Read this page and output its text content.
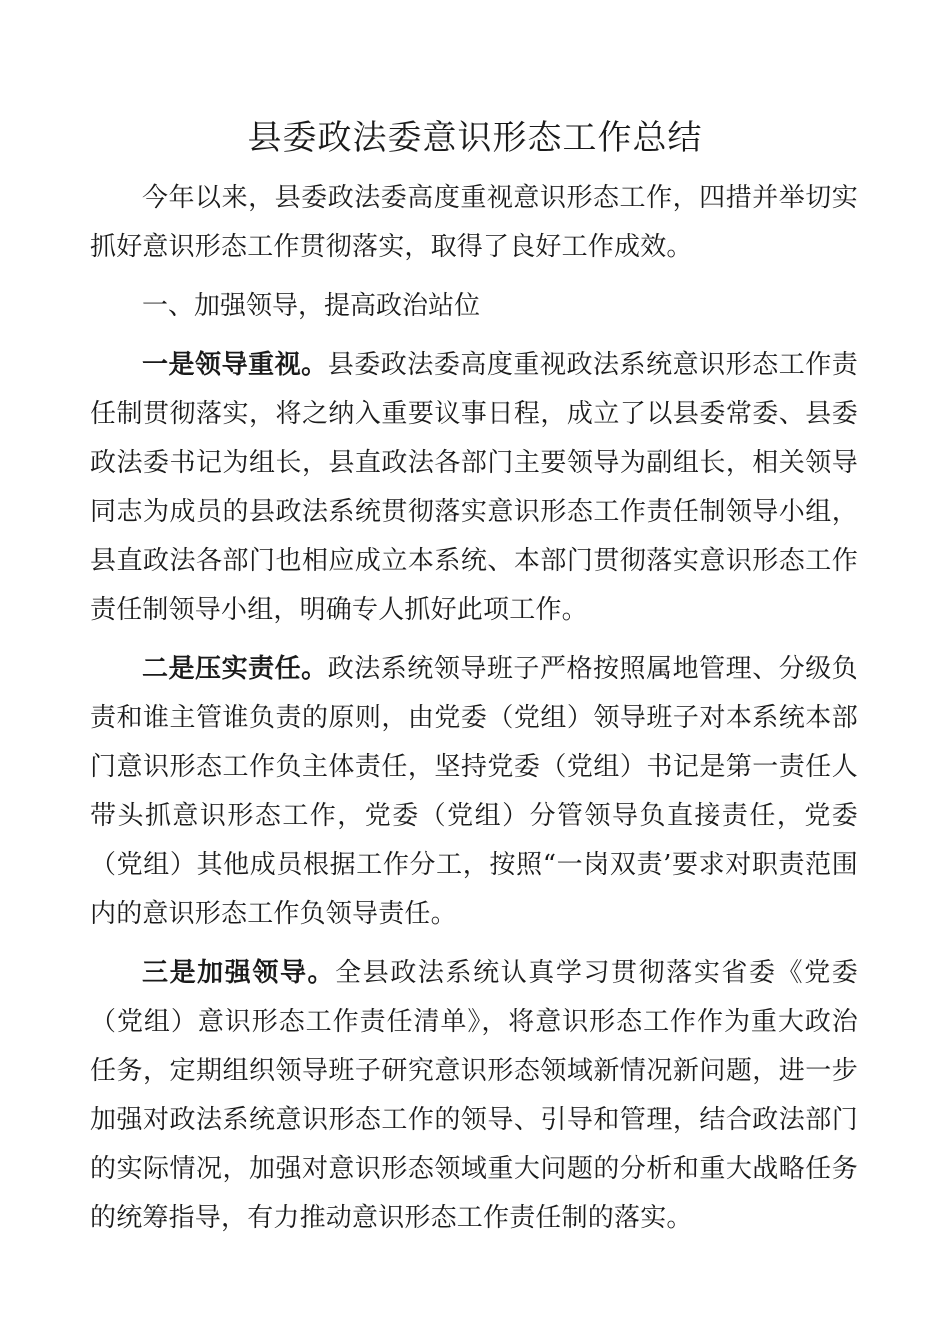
县委政法委意识形态工作总结

今年以来，县委政法委高度重视意识形态工作，四措并举切实抓好意识形态工作贯彻落实，取得了良好工作成效。

一、加强领导，提高政治站位

一是领导重视。县委政法委高度重视政法系统意识形态工作责任制贯彻落实，将之纳入重要议事日程，成立了以县委常委、县委政法委书记为组长，县直政法各部门主要领导为副组长，相关领导同志为成员的县政法系统贯彻落实意识形态工作责任制领导小组，县直政法各部门也相应成立本系统、本部门贯彻落实意识形态工作责任制领导小组，明确专人抓好此项工作。

二是压实责任。政法系统领导班子严格按照属地管理、分级负责和谁主管谁负责的原则，由党委（党组）领导班子对本系统本部门意识形态工作负主体责任，坚持党委（党组）书记是第一责任人带头抓意识形态工作，党委（党组）分管领导负直接责任，党委（党组）其他成员根据工作分工，按照“一岗双责’要求对职责范围内的意识形态工作负领导责任。

三是加强领导。全县政法系统认真学习贯彻落实省委《党委（党组）意识形态工作责任清单》，将意识形态工作作为重大政治任务，定期组织领导班子研究意识形态领域新情况新问题，进一步加强对政法系统意识形态工作的领导、引导和管理，结合政法部门的实际情况，加强对意识形态领域重大问题的分析和重大战略任务的统筹指导，有力推动意识形态工作责任制的落实。
